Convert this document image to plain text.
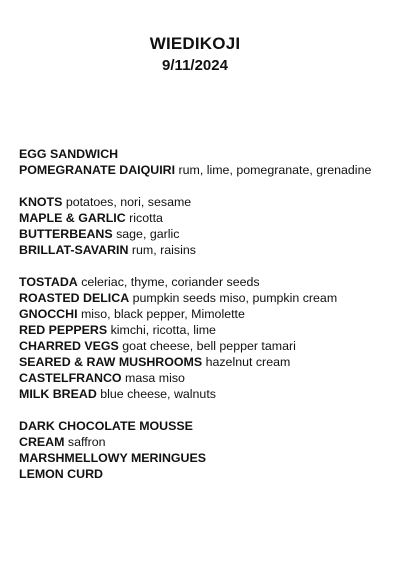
WIEDIKOJI
9/11/2024
EGG SANDWICH
POMEGRANATE DAIQUIRI rum, lime, pomegranate, grenadine
KNOTS potatoes, nori, sesame
MAPLE & GARLIC ricotta
BUTTERBEANS sage, garlic
BRILLAT-SAVARIN rum, raisins
TOSTADA celeriac, thyme, coriander seeds
ROASTED DELICA pumpkin seeds miso, pumpkin cream
GNOCCHI miso, black pepper, Mimolette
RED PEPPERS kimchi, ricotta, lime
CHARRED VEGS goat cheese, bell pepper tamari
SEARED & RAW MUSHROOMS hazelnut cream
CASTELFRANCO masa miso
MILK BREAD blue cheese, walnuts
DARK CHOCOLATE MOUSSE
CREAM saffron
MARSHMELLOWY MERINGUES
LEMON CURD
